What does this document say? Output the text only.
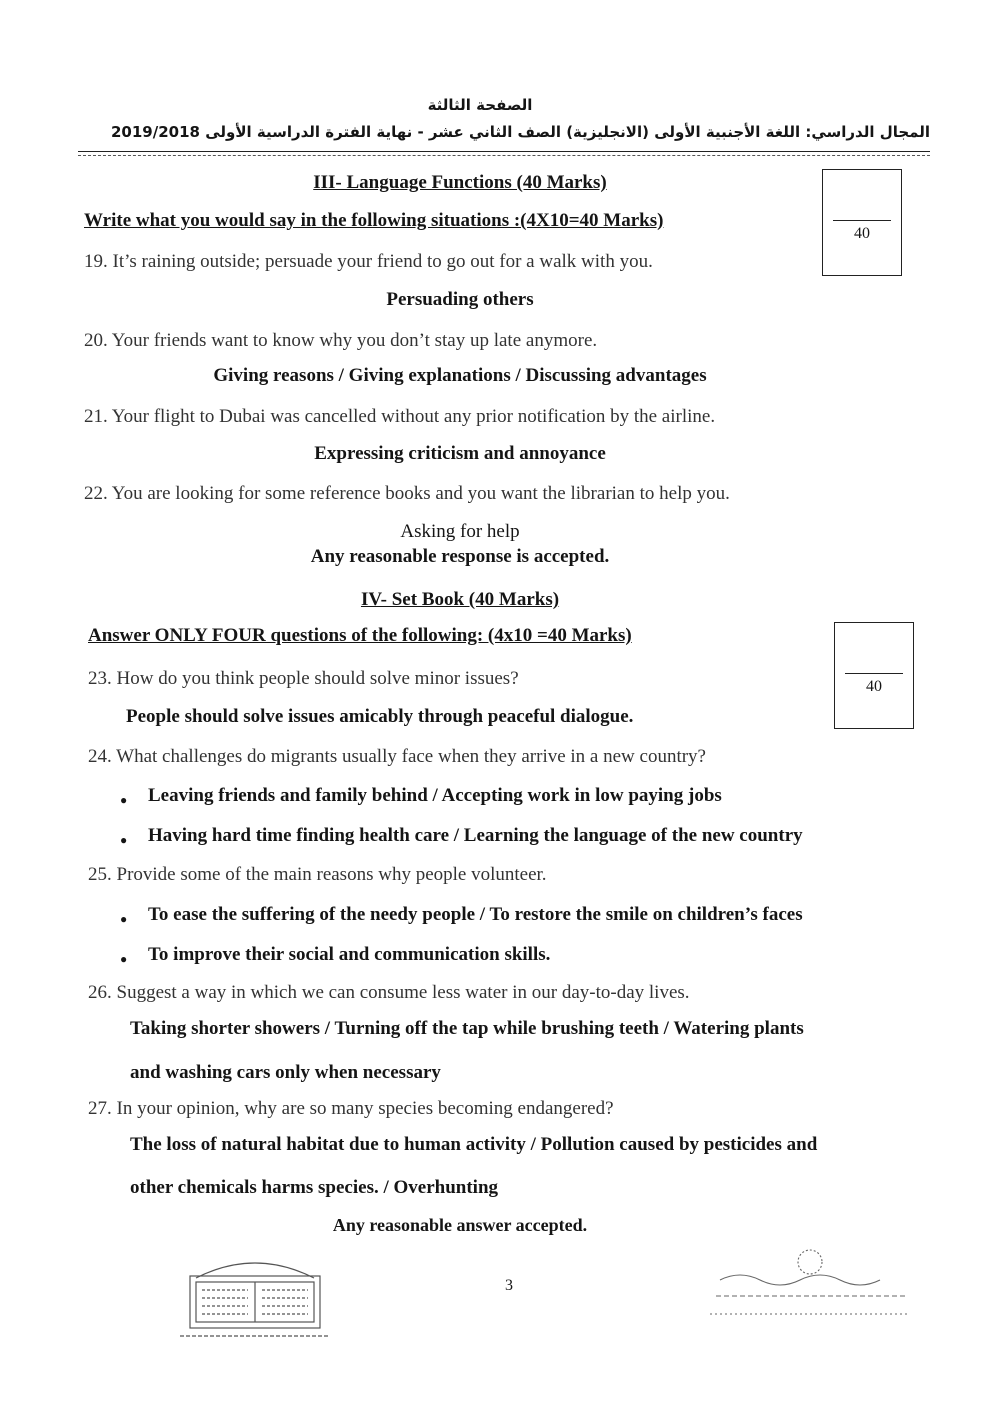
الصفحة الثالثة
المجال الدراسي: اللغة الأجنبية الأولى (الانجليزية) الصف الثاني عشر - نهاية الفترة الدراسية الأولى 2019/2018
III- Language Functions (40 Marks)
Write what you would say in the following situations :(4X10=40 Marks)
40
19. It’s raining outside; persuade your friend to go out for a walk with you.
Persuading others
20. Your friends want to know why you don’t stay up late anymore.
Giving reasons / Giving explanations / Discussing advantages
21. Your flight to Dubai was cancelled without any prior notification by the airline.
Expressing criticism and annoyance
22. You are looking for some reference books and you want the librarian to help you.
Asking for help
Any reasonable response is accepted.
IV- Set Book (40 Marks)
Answer ONLY FOUR questions of the following: (4x10 =40 Marks)
40
23. How do you think people should solve minor issues?
People should solve issues amicably through peaceful dialogue.
24. What challenges do migrants usually face when they arrive in a new country?
● Leaving friends and family behind / Accepting work in low paying jobs
● Having hard time finding health care / Learning the language of the new country
25. Provide some of the main reasons why people volunteer.
● To ease the suffering of the needy people / To restore the smile on children’s faces
● To improve their social and communication skills.
26. Suggest a way in which we can consume less water in our day-to-day lives.
Taking shorter showers / Turning off the tap while brushing teeth / Watering plants
and washing cars only when necessary
27. In your opinion, why are so many species becoming endangered?
The loss of natural habitat due to human activity / Pollution caused by pesticides and
other chemicals harms species. / Overhunting
Any reasonable answer accepted.
3
